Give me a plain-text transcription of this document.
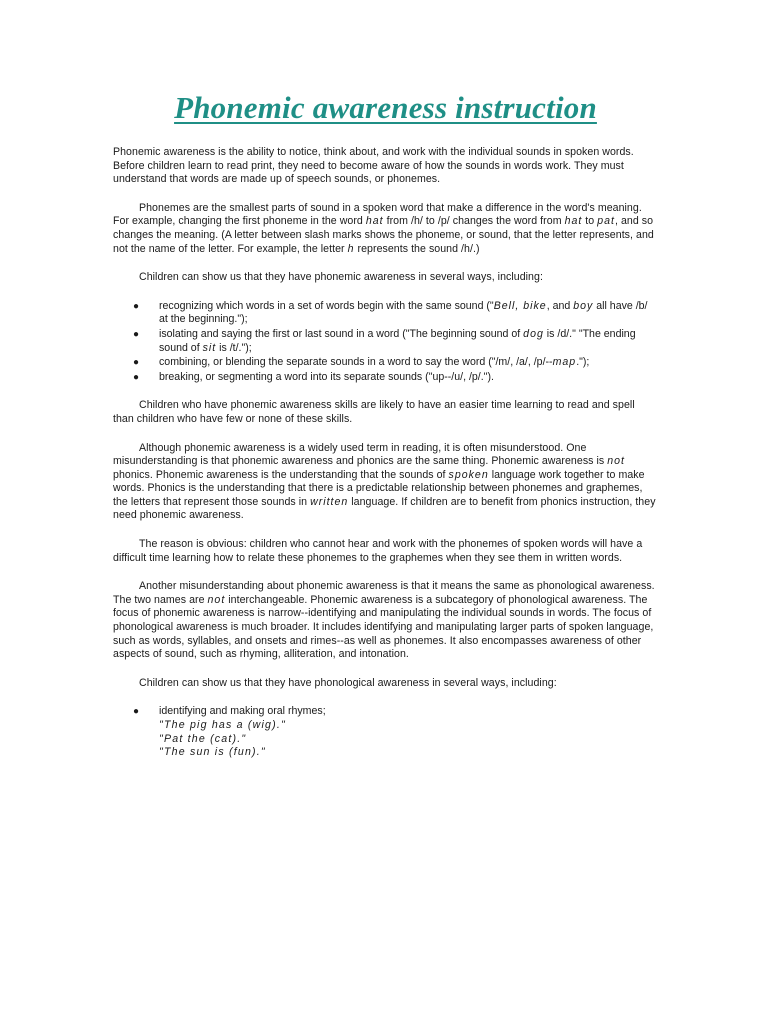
Phonemic awareness instruction

Phonemic awareness is the ability to notice, think about, and work with the individual sounds in spoken words. Before children learn to read print, they need to become aware of how the sounds in words work. They must understand that words are made up of speech sounds, or phonemes.

Phonemes are the smallest parts of sound in a spoken word that make a difference in the word's meaning. For example, changing the first phoneme in the word hat from /h/ to /p/ changes the word from hat to pat, and so changes the meaning. (A letter between slash marks shows the phoneme, or sound, that the letter represents, and not the name of the letter. For example, the letter h represents the sound /h/.)

Children can show us that they have phonemic awareness in several ways, including:

● recognizing which words in a set of words begin with the same sound ("Bell, bike, and boy all have /b/ at the beginning.");
● isolating and saying the first or last sound in a word ("The beginning sound of dog is /d/." "The ending sound of sit is /t/.");
● combining, or blending the separate sounds in a word to say the word ("/m/, /a/, /p/--map.");
● breaking, or segmenting a word into its separate sounds ("up--/u/, /p/.").

Children who have phonemic awareness skills are likely to have an easier time learning to read and spell than children who have few or none of these skills.

Although phonemic awareness is a widely used term in reading, it is often misunderstood. One misunderstanding is that phonemic awareness and phonics are the same thing. Phonemic awareness is not phonics. Phonemic awareness is the understanding that the sounds of spoken language work together to make words. Phonics is the understanding that there is a predictable relationship between phonemes and graphemes, the letters that represent those sounds in written language. If children are to benefit from phonics instruction, they need phonemic awareness.

The reason is obvious: children who cannot hear and work with the phonemes of spoken words will have a difficult time learning how to relate these phonemes to the graphemes when they see them in written words.

Another misunderstanding about phonemic awareness is that it means the same as phonological awareness. The two names are not interchangeable. Phonemic awareness is a subcategory of phonological awareness. The focus of phonemic awareness is narrow--identifying and manipulating the individual sounds in words. The focus of phonological awareness is much broader. It includes identifying and manipulating larger parts of spoken language, such as words, syllables, and onsets and rimes--as well as phonemes. It also encompasses awareness of other aspects of sound, such as rhyming, alliteration, and intonation.

Children can show us that they have phonological awareness in several ways, including:

● identifying and making oral rhymes;
"The pig has a (wig)."
"Pat the (cat)."
"The sun is (fun)."
